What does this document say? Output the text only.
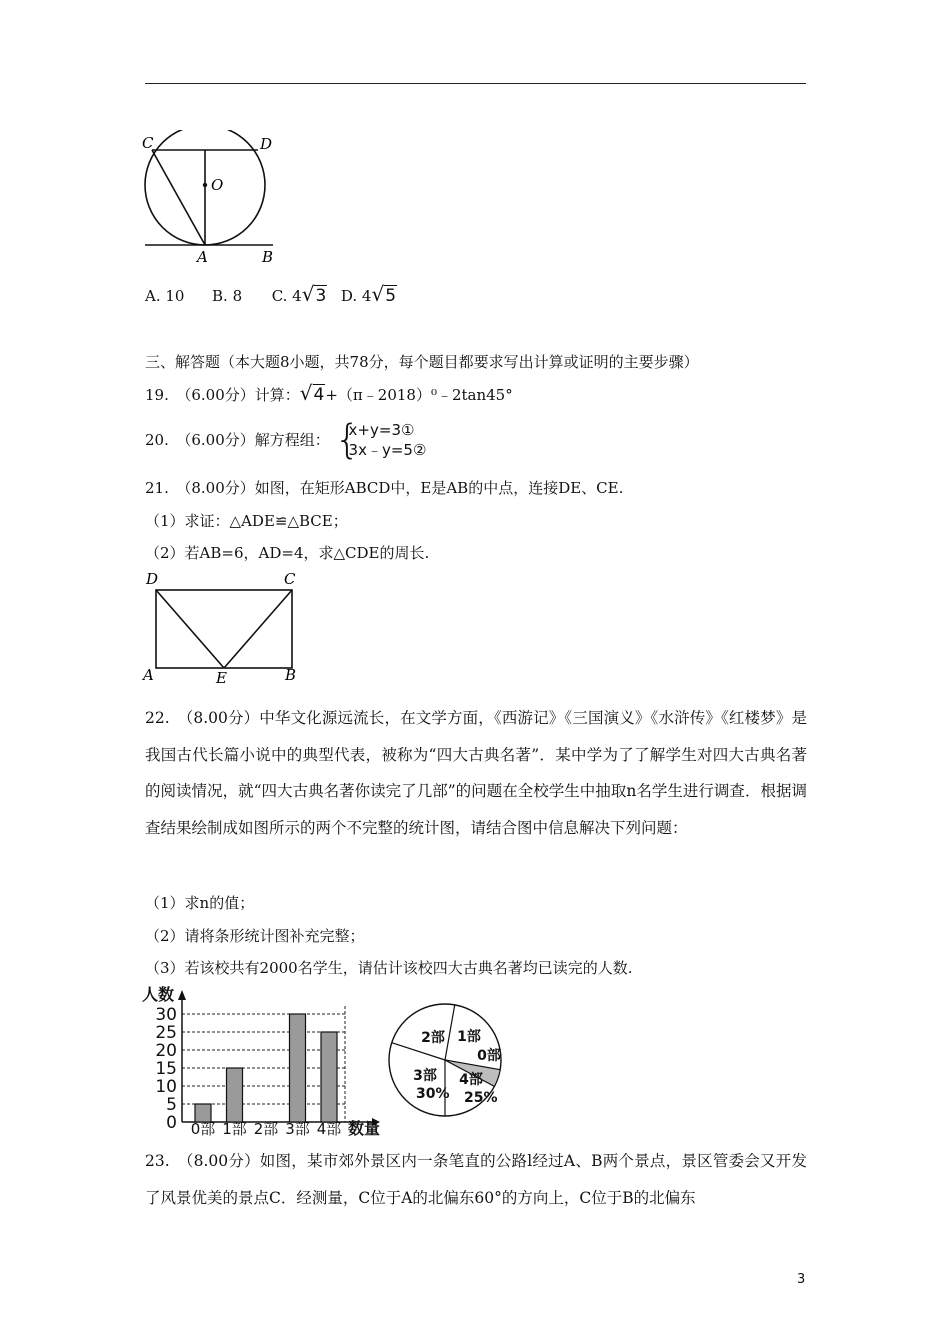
C	D
O
A	B
A. 10 B. 8 C. 4√3 D. 4√5
三、解答题（本大题8小题，共78分，每个题目都要求写出计算或证明的主要步骤）
19.　（6.00分）计算：√4+（π﹣2018）⁰﹣2tan45°
20.　（6.00分）解方程组： {
x+y=3①
3x﹣y=5②
21.　（8.00分）如图，在矩形ABCD中，E是AB的中点，连接DE、CE.
（1）求证：△ADE≌△BCE；
（2）若AB=6，AD=4，求△CDE的周长.
D	C
A	E	B
22.　（8.00分）中华文化源远流长，在文学方面，《西游记》《三国演义》《水浒传》《红楼梦》是我国古代长篇小说中的典型代表，被称为“四大古典名著”．某中学为了了解学生对四大古典名著的阅读情况，就“四大古典名著你读完了几部”的问题在全校学生中抽取n名学生进行调查．根据调查结果绘制成如图所示的两个不完整的统计图，请结合图中信息解决下列问题：
（1）求n的值；
（2）请将条形统计图补充完整；
（3）若该校共有2000名学生，请估计该校四大古典名著均已读完的人数.
0
5
10
15
20
25
30
人数
数量
0部 1部 2部 3部 4部
2部 1部
0部
4部
25%
3部
30%
23.　（8.00分）如图，某市郊外景区内一条笔直的公路l经过A、B两个景点，景区管委会又开发了风景优美的景点C．经测量，C位于A的北偏东60°的方向上，C位于B的北偏东
3
